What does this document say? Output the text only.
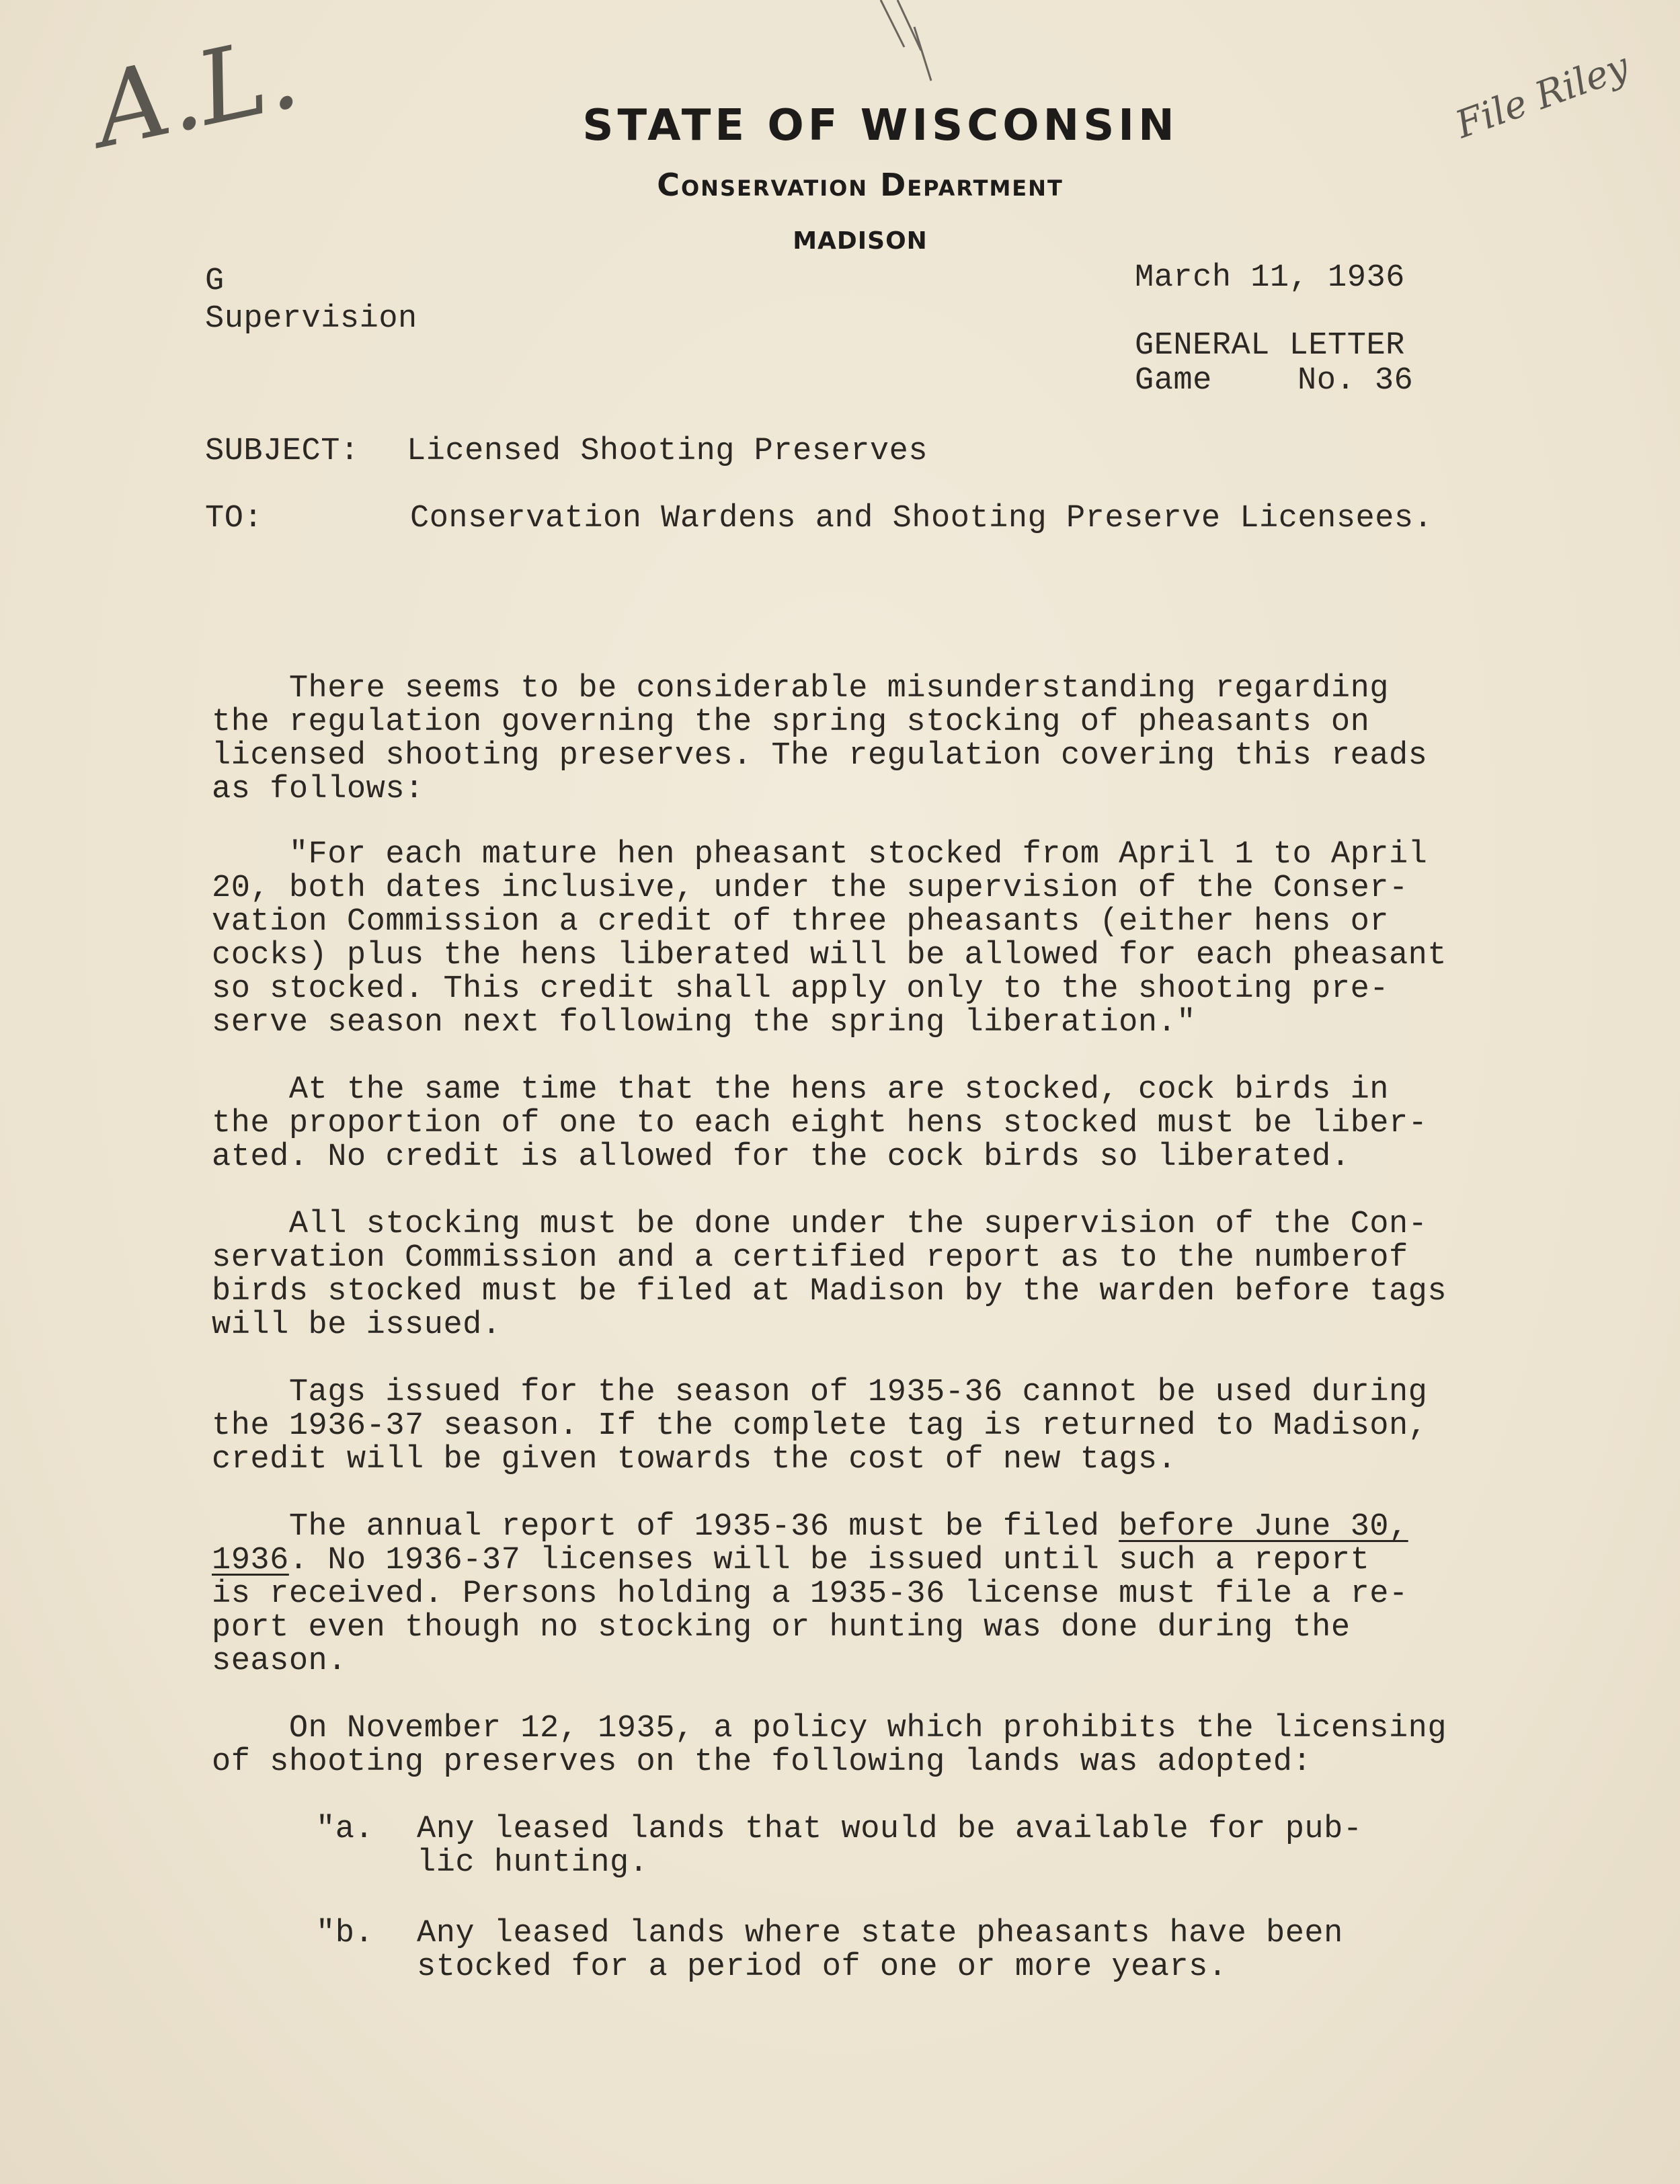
A.L.	File Riley
STATE OF WISCONSIN
Conservation Department
MADISON
G
Supervision
March 11, 1936
GENERAL LETTER
Game	No. 36
SUBJECT: Licensed Shooting Preserves
TO:	Conservation Wardens and Shooting Preserve Licensees.
There seems to be considerable misunderstanding regarding
the regulation governing the spring stocking of pheasants on
licensed shooting preserves. The regulation covering this reads
as follows:
"For each mature hen pheasant stocked from April 1 to April
20, both dates inclusive, under the supervision of the Conser-
vation Commission a credit of three pheasants (either hens or
cocks) plus the hens liberated will be allowed for each pheasant
so stocked. This credit shall apply only to the shooting pre-
serve season next following the spring liberation."
At the same time that the hens are stocked, cock birds in
the proportion of one to each eight hens stocked must be liber-
ated. No credit is allowed for the cock birds so liberated.
All stocking must be done under the supervision of the Con-
servation Commission and a certified report as to the numberof
birds stocked must be filed at Madison by the warden before tags
will be issued.
Tags issued for the season of 1935-36 cannot be used during
the 1936-37 season. If the complete tag is returned to Madison,
credit will be given towards the cost of new tags.
The annual report of 1935-36 must be filed before June 30,
1936. No 1936-37 licenses will be issued until such a report
is received. Persons holding a 1935-36 license must file a re-
port even though no stocking or hunting was done during the
season.
On November 12, 1935, a policy which prohibits the licensing
of shooting preserves on the following lands was adopted:
"a. Any leased lands that would be available for pub-
lic hunting.
"b. Any leased lands where state pheasants have been
stocked for a period of one or more years.
